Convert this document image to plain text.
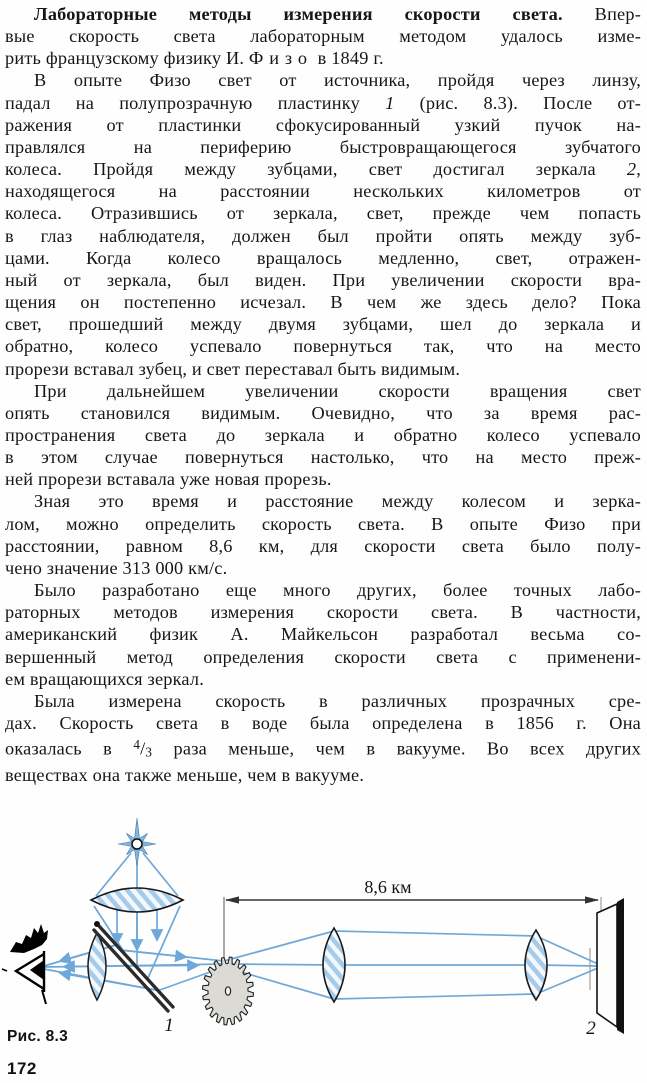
Лабораторные методы измерения скорости света. Впер-
вые скорость света лабораторным методом удалось изме-
рить французскому физику И. Физо в 1849 г.
В опыте Физо свет от источника, пройдя через линзу,
падал на полупрозрачную пластинку 1 (рис. 8.3). После от-
ражения от пластинки сфокусированный узкий пучок на-
правлялся на периферию быстровращающегося зубчатого
колеса. Пройдя между зубцами, свет достигал зеркала 2,
находящегося на расстоянии нескольких километров от
колеса. Отразившись от зеркала, свет, прежде чем попасть
в глаз наблюдателя, должен был пройти опять между зуб-
цами. Когда колесо вращалось медленно, свет, отражен-
ный от зеркала, был виден. При увеличении скорости вра-
щения он постепенно исчезал. В чем же здесь дело? Пока
свет, прошедший между двумя зубцами, шел до зеркала и
обратно, колесо успевало повернуться так, что на место
прорези вставал зубец, и свет переставал быть видимым.
При дальнейшем увеличении скорости вращения свет
опять становился видимым. Очевидно, что за время рас-
пространения света до зеркала и обратно колесо успевало
в этом случае повернуться настолько, что на место преж-
ней прорези вставала уже новая прорезь.
Зная это время и расстояние между колесом и зерка-
лом, можно определить скорость света. В опыте Физо при
расстоянии, равном 8,6 км, для скорости света было полу-
чено значение 313 000 км/с.
Было разработано еще много других, более точных лабо-
раторных методов измерения скорости света. В частности,
американский физик А. Майкельсон разработал весьма со-
вершенный метод определения скорости света с применени-
ем вращающихся зеркал.
Была измерена скорость в различных прозрачных сре-
дах. Скорость света в воде была определена в 1856 г. Она
оказалась в $^4$/3 раза меньше, чем в вакууме. Во всех других
веществах она также меньше, чем в вакууме.
8,6 км
1	2
Рис. 8.3
172
